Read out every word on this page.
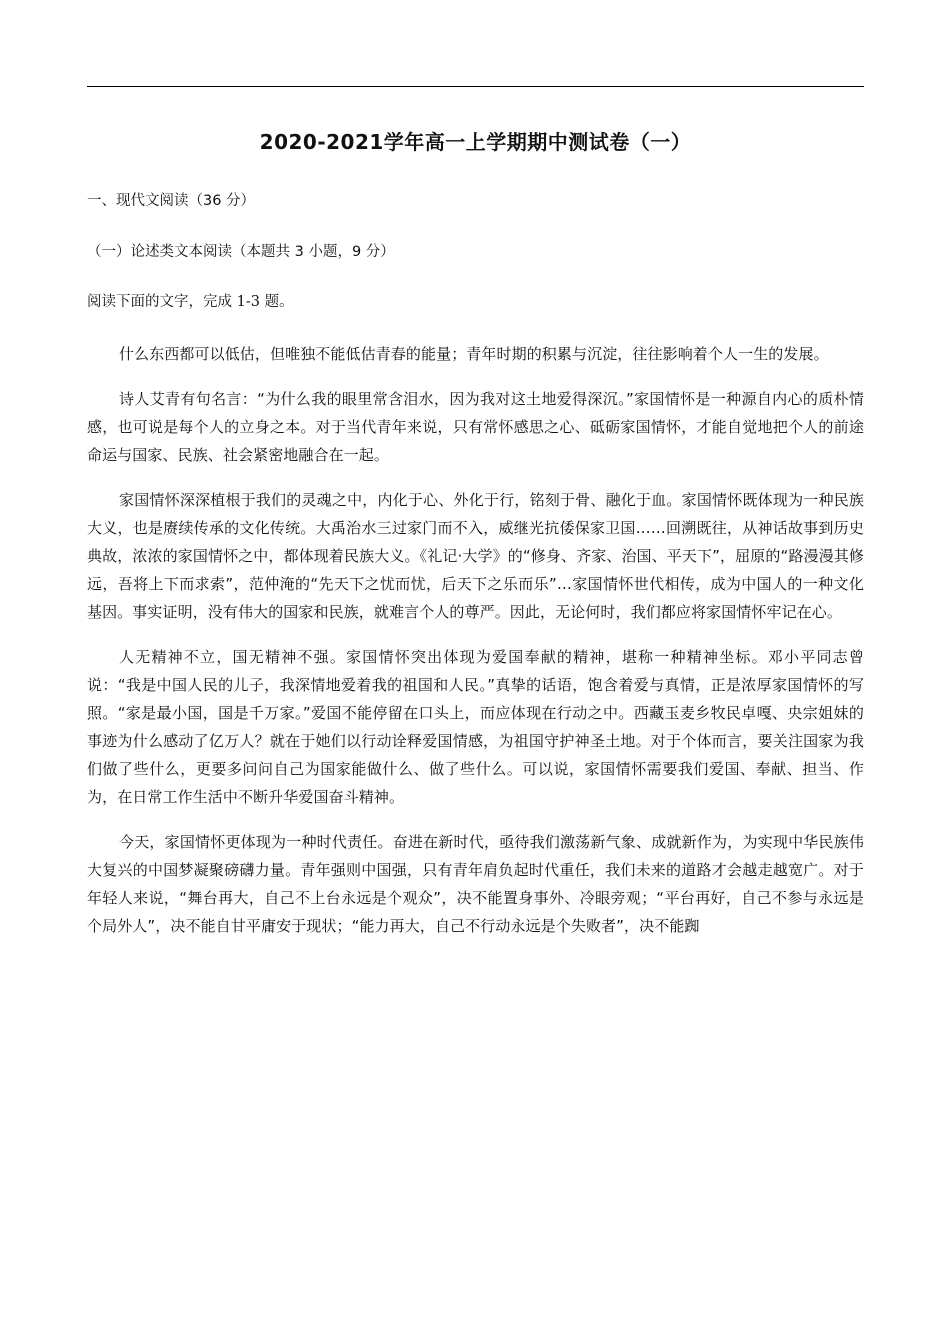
2020-2021学年高一上学期期中测试卷（一）
一、现代文阅读（36 分）
（一）论述类文本阅读（本题共 3 小题，9 分）
阅读下面的文字，完成 1-3 题。

什么东西都可以低估，但唯独不能低估青春的能量；青年时期的积累与沉淀，往往影响着个人一生的发展。

诗人艾青有句名言：“为什么我的眼里常含泪水，因为我对这土地爱得深沉。”家国情怀是一种源自内心的质朴情感，也可说是每个人的立身之本。对于当代青年来说，只有常怀感思之心、砥砺家国情怀，才能自觉地把个人的前途命运与国家、民族、社会紧密地融合在一起。

家国情怀深深植根于我们的灵魂之中，内化于心、外化于行，铭刻于骨、融化于血。家国情怀既体现为一种民族大义，也是赓续传承的文化传统。大禹治水三过家门而不入，威继光抗倭保家卫国……回溯既往，从神话故事到历史典故，浓浓的家国情怀之中，都体现着民族大义。《礼记·大学》的“修身、齐家、治国、平天下”，屈原的“路漫漫其修远，吾将上下而求索”，范仲淹的“先天下之忧而忧，后天下之乐而乐”…家国情怀世代相传，成为中国人的一种文化基因。事实证明，没有伟大的国家和民族，就难言个人的尊严。因此，无论何时，我们都应将家国情怀牢记在心。

人无精神不立，国无精神不强。家国情怀突出体现为爱国奉献的精神，堪称一种精神坐标。邓小平同志曾说：“我是中国人民的儿子，我深情地爱着我的祖国和人民。”真挚的话语，饱含着爱与真情，正是浓厚家国情怀的写照。“家是最小国，国是千万家。”爱国不能停留在口头上，而应体现在行动之中。西藏玉麦乡牧民卓嘎、央宗姐妹的事迹为什么感动了亿万人？就在于她们以行动诠释爱国情感，为祖国守护神圣土地。对于个体而言，要关注国家为我们做了些什么，更要多问问自己为国家能做什么、做了些什么。可以说，家国情怀需要我们爱国、奉献、担当、作为，在日常工作生活中不断升华爱国奋斗精神。

今天，家国情怀更体现为一种时代责任。奋进在新时代，亟待我们激荡新气象、成就新作为，为实现中华民族伟大复兴的中国梦凝聚磅礴力量。青年强则中国强，只有青年肩负起时代重任，我们未来的道路才会越走越宽广。对于年轻人来说，“舞台再大，自己不上台永远是个观众”，决不能置身事外、冷眼旁观；“平台再好，自己不参与永远是个局外人”，决不能自甘平庸安于现状；“能力再大，自己不行动永远是个失败者”，决不能踟
